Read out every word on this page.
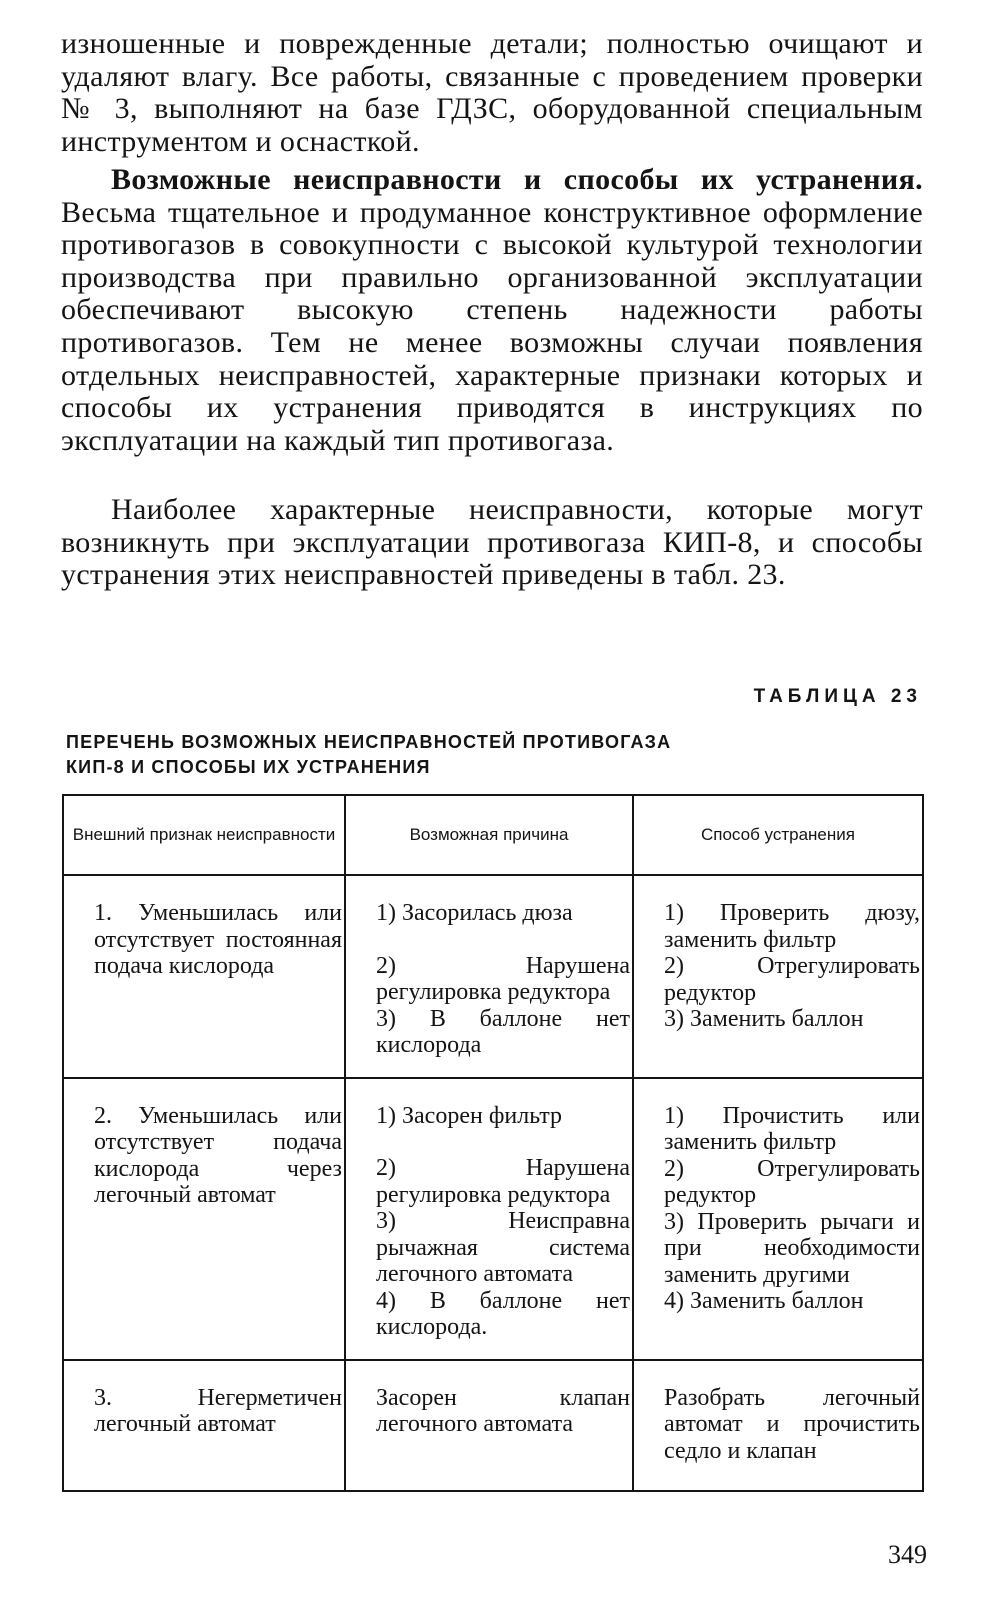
изношенные и поврежденные детали; полностью очищают и удаляют влагу. Все работы, связанные с проведением проверки № 3, выполняют на базе ГДЗС, оборудованной специальным инструментом и оснасткой.
Возможные неисправности и способы их устранения. Весьма тщательное и продуманное конструктивное оформление противогазов в совокупности с высокой культурой технологии производства при правильно организованной эксплуатации обеспечивают высокую степень надежности работы противогазов. Тем не менее возможны случаи появления отдельных неисправностей, характерные признаки которых и способы их устранения приводятся в инструкциях по эксплуатации на каждый тип противогаза.
Наиболее характерные неисправности, которые могут возникнуть при эксплуатации противогаза КИП-8, и способы устранения этих неисправностей приведены в табл. 23.
ТАБЛИЦА 23
ПЕРЕЧЕНЬ ВОЗМОЖНЫХ НЕИСПРАВНОСТЕЙ ПРОТИВОГАЗА
КИП-8 И СПОСОБЫ ИХ УСТРАНЕНИЯ
Внешний признак неисправности	Возможная причина	Способ устранения

1. Уменьшилась или отсутствует постоянная подача кислорода	1) Засорилась дюза
2) Нарушена регулировка редуктора
3) В баллоне нет кислорода	1) Проверить дюзу, заменить фильтр
2) Отрегулировать редуктор
3) Заменить баллон

2. Уменьшилась или отсутствует подача кислорода через легочный автомат	1) Засорен фильтр
2) Нарушена регулировка редуктора
3) Неисправна рычажная система легочного автомата
4) В баллоне нет кислорода.	1) Прочистить или заменить фильтр
2) Отрегулировать редуктор
3) Проверить рычаги и при необходимости заменить другими
4) Заменить баллон

3. Негерметичен легочный автомат	Засорен клапан легочного автомата	Разобрать легочный автомат и прочистить седло и клапан
349
